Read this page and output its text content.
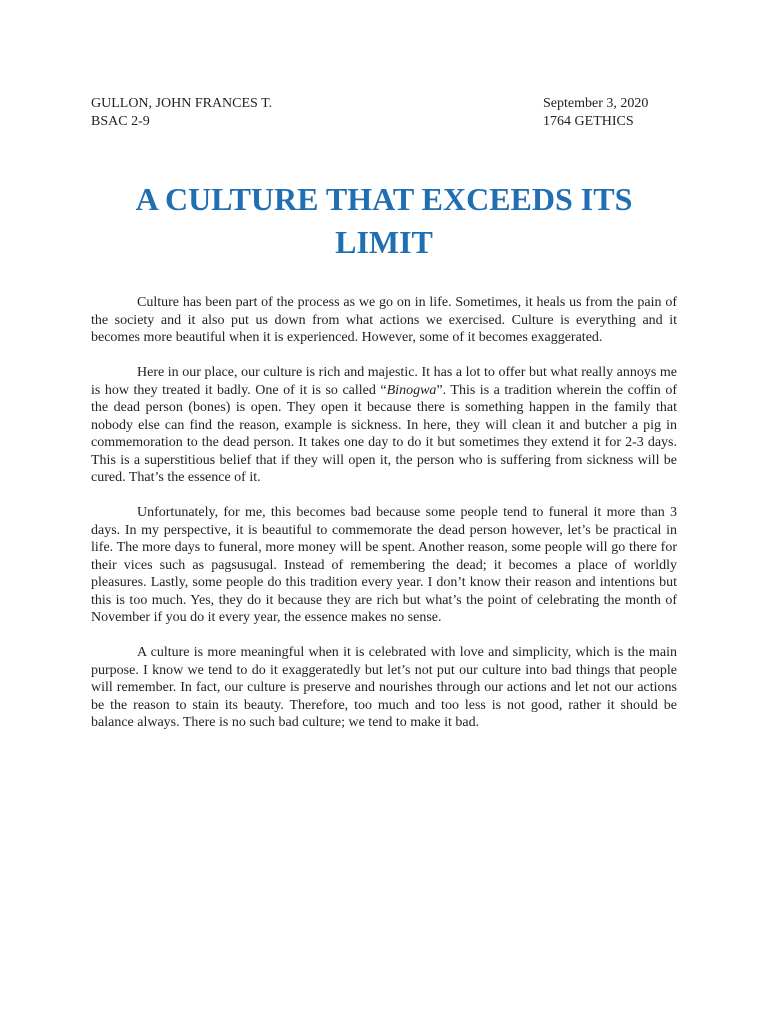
GULLON, JOHN FRANCES T.
BSAC 2-9
September 3, 2020
1764 GETHICS
A CULTURE THAT EXCEEDS ITS LIMIT

Culture has been part of the process as we go on in life. Sometimes, it heals us from the pain of the society and it also put us down from what actions we exercised. Culture is everything and it becomes more beautiful when it is experienced. However, some of it becomes exaggerated.

Here in our place, our culture is rich and majestic. It has a lot to offer but what really annoys me is how they treated it badly. One of it is so called “Binogwa”. This is a tradition wherein the coffin of the dead person (bones) is open. They open it because there is something happen in the family that nobody else can find the reason, example is sickness. In here, they will clean it and butcher a pig in commemoration to the dead person. It takes one day to do it but sometimes they extend it for 2-3 days. This is a superstitious belief that if they will open it, the person who is suffering from sickness will be cured. That’s the essence of it.

Unfortunately, for me, this becomes bad because some people tend to funeral it more than 3 days. In my perspective, it is beautiful to commemorate the dead person however, let’s be practical in life. The more days to funeral, more money will be spent. Another reason, some people will go there for their vices such as pagsusugal. Instead of remembering the dead; it becomes a place of worldly pleasures. Lastly, some people do this tradition every year. I don’t know their reason and intentions but this is too much. Yes, they do it because they are rich but what’s the point of celebrating the month of November if you do it every year, the essence makes no sense.

A culture is more meaningful when it is celebrated with love and simplicity, which is the main purpose. I know we tend to do it exaggeratedly but let’s not put our culture into bad things that people will remember. In fact, our culture is preserve and nourishes through our actions and let not our actions be the reason to stain its beauty. Therefore, too much and too less is not good, rather it should be balance always. There is no such bad culture; we tend to make it bad.
